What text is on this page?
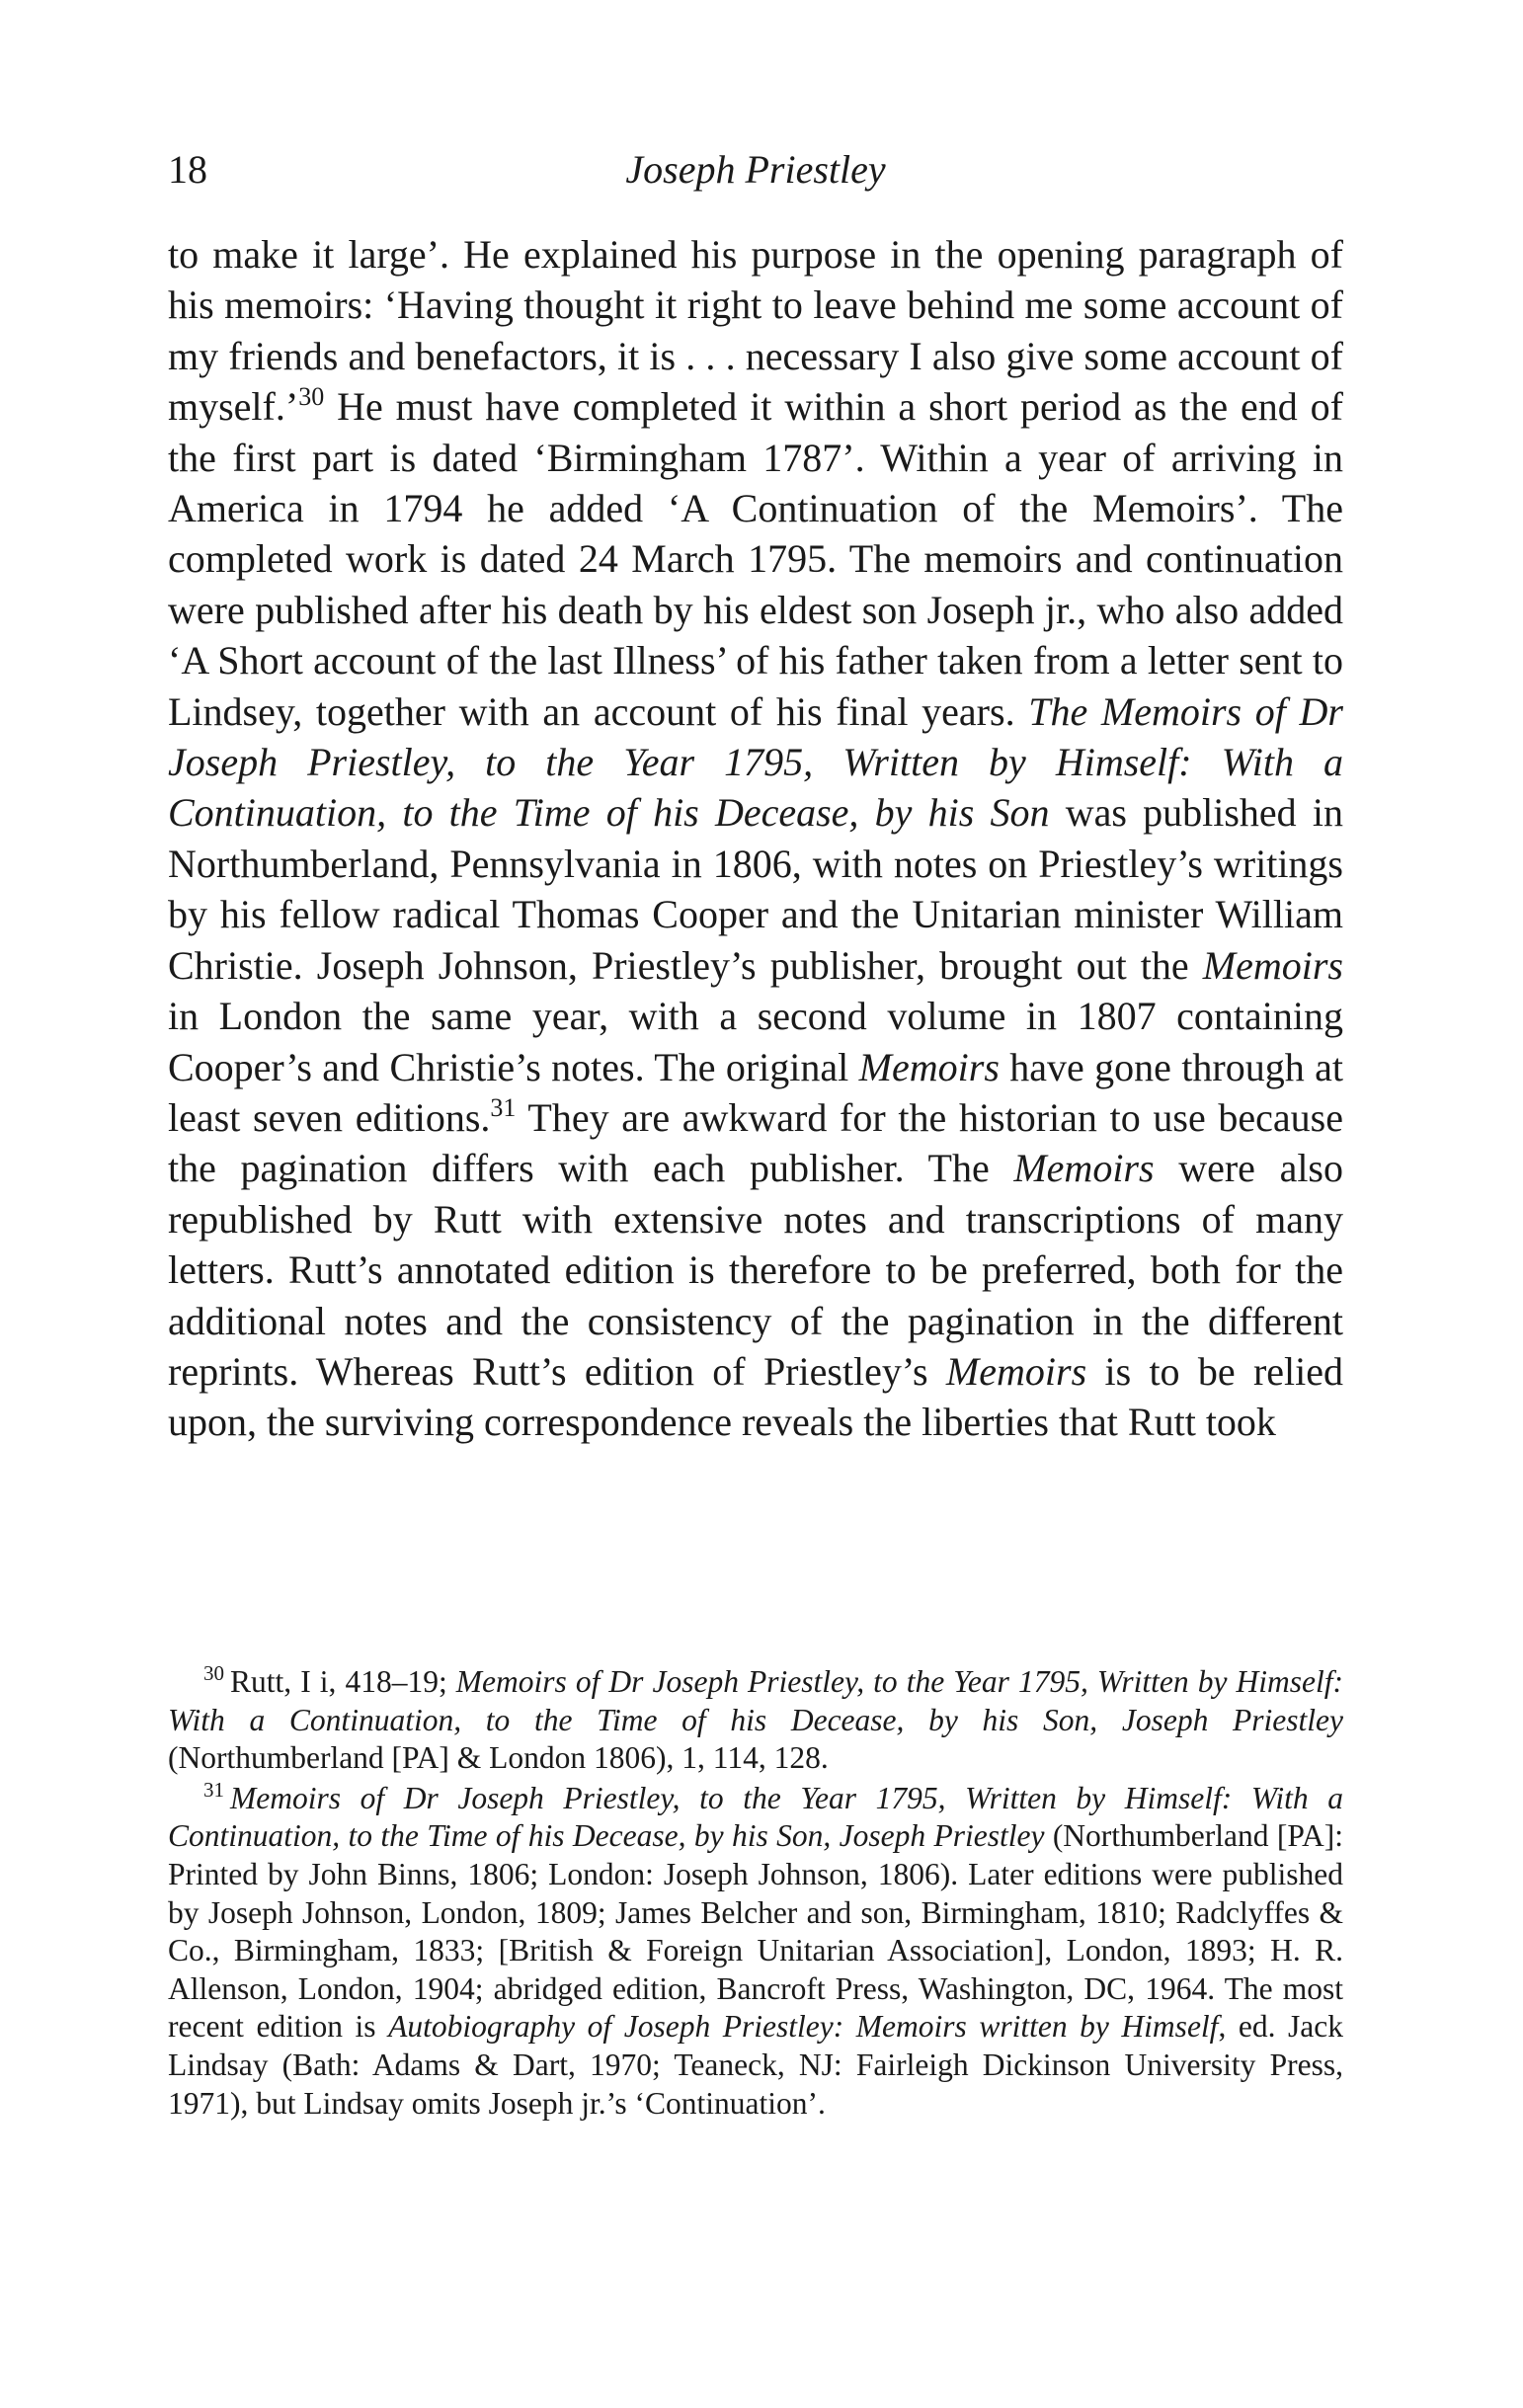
18	Joseph Priestley

to make it large’. He explained his purpose in the opening paragraph of his memoirs: ‘Having thought it right to leave behind me some account of my friends and benefactors, it is . . . necessary I also give some account of myself.’$^{30}$ He must have completed it within a short period as the end of the first part is dated ‘Birmingham 1787’. Within a year of arriving in America in 1794 he added ‘A Continuation of the Memoirs’. The completed work is dated 24 March 1795. The memoirs and continuation were published after his death by his eldest son Joseph jr., who also added ‘A Short account of the last Illness’ of his father taken from a letter sent to Lindsey, together with an account of his final years. The Memoirs of Dr Joseph Priestley, to the Year 1795, Written by Himself: With a Continuation, to the Time of his Decease, by his Son was published in Northumberland, Pennsylvania in 1806, with notes on Priestley’s writings by his fellow radical Thomas Cooper and the Unitarian minister William Christie. Joseph Johnson, Priestley’s publisher, brought out the Memoirs in London the same year, with a second volume in 1807 containing Cooper’s and Christie’s notes. The original Memoirs have gone through at least seven editions.$^{31}$ They are awkward for the historian to use because the pagination differs with each publisher. The Memoirs were also republished by Rutt with extensive notes and transcriptions of many letters. Rutt’s annotated edition is therefore to be preferred, both for the additional notes and the consistency of the pagination in the different reprints. Whereas Rutt’s edition of Priestley’s Memoirs is to be relied upon, the surviving correspondence reveals the liberties that Rutt took

$^{30}$ Rutt, I i, 418–19; Memoirs of Dr Joseph Priestley, to the Year 1795, Written by Himself: With a Continuation, to the Time of his Decease, by his Son, Joseph Priestley (Northumberland [PA] & London 1806), 1, 114, 128.

$^{31}$ Memoirs of Dr Joseph Priestley, to the Year 1795, Written by Himself: With a Continuation, to the Time of his Decease, by his Son, Joseph Priestley (Northumberland [PA]: Printed by John Binns, 1806; London: Joseph Johnson, 1806). Later editions were published by Joseph Johnson, London, 1809; James Belcher and son, Birmingham, 1810; Radclyffes & Co., Birmingham, 1833; [British & Foreign Unitarian Association], London, 1893; H. R. Allenson, London, 1904; abridged edition, Bancroft Press, Washington, DC, 1964. The most recent edition is Autobiography of Joseph Priestley: Memoirs written by Himself, ed. Jack Lindsay (Bath: Adams & Dart, 1970; Teaneck, NJ: Fairleigh Dickinson University Press, 1971), but Lindsay omits Joseph jr.’s ‘Continuation’.
